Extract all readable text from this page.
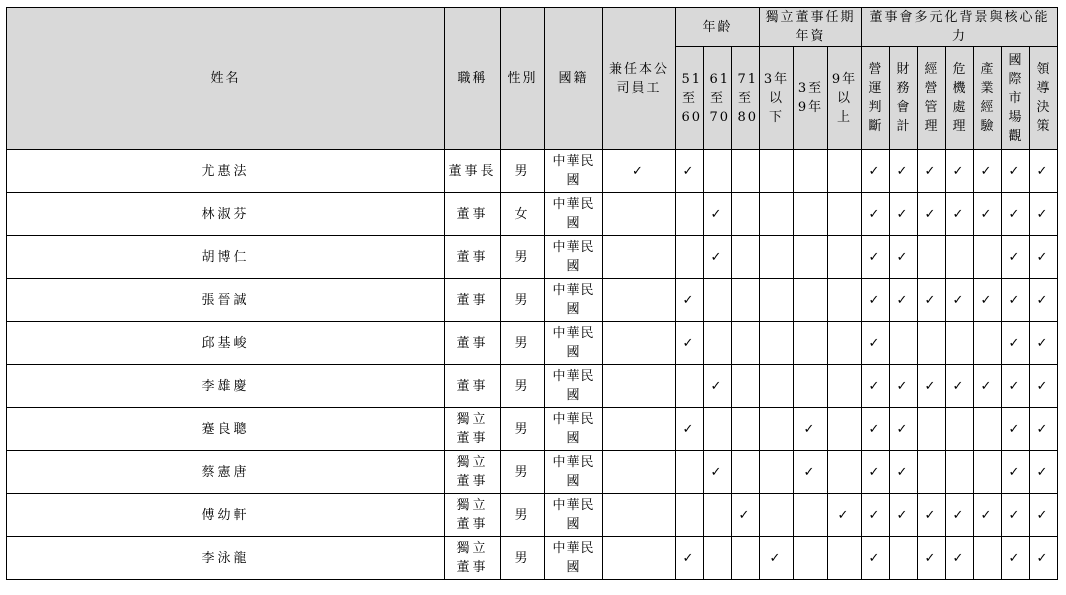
姓名	職稱	性別	國籍	兼任本公司員工	年齡			獨立董事任期年資			董事會多元化背景與核心能力						

					51至60	61至70	71至80	3年以下	3至9年	9年以上	營運判斷	財務會計	經營管理	危機處理	產業經驗	國際市場觀	領導決策

尤惠法	董事長	男	中華民國	✓	✓						✓	✓	✓	✓	✓	✓	✓
林淑芬	董事	女	中華民國			✓					✓	✓	✓	✓	✓	✓	✓
胡博仁	董事	男	中華民國			✓					✓	✓				✓	✓
張晉誠	董事	男	中華民國		✓						✓	✓	✓	✓	✓	✓	✓
邱基峻	董事	男	中華民國		✓						✓					✓	✓
李雄慶	董事	男	中華民國			✓					✓	✓	✓	✓	✓	✓	✓
蹇良聰	獨立董事	男	中華民國		✓				✓		✓	✓				✓	✓
蔡憲唐	獨立董事	男	中華民國			✓			✓		✓	✓				✓	✓
傅幼軒	獨立董事	男	中華民國				✓			✓	✓	✓	✓	✓	✓	✓	✓
李泳龍	獨立董事	男	中華民國		✓			✓			✓		✓	✓		✓	✓
